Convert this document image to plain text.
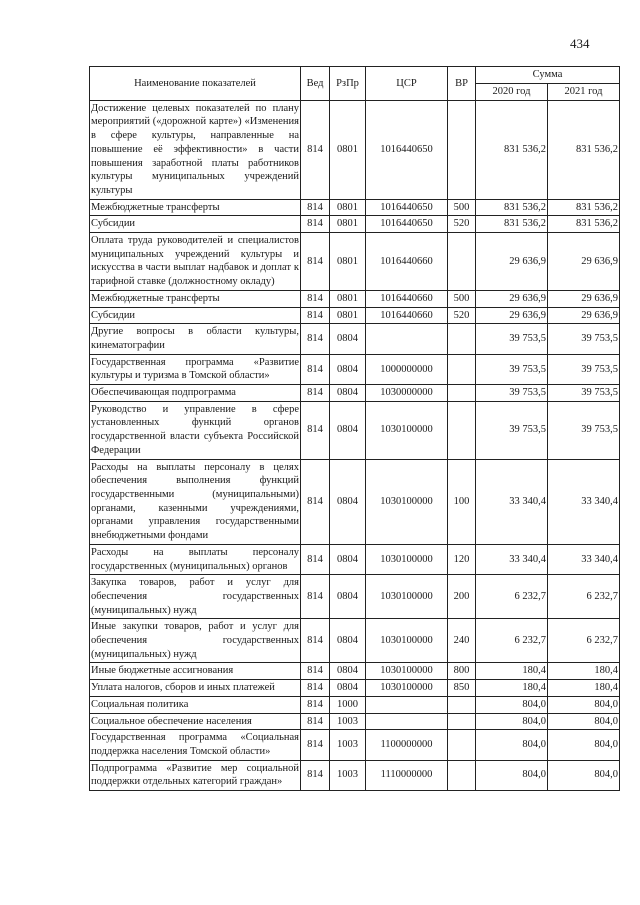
434
Наименование показателей	Вед	РзПр	ЦСР	ВР	Сумма	
					2020 год	2021 год
Достижение целевых показателей по плану мероприятий («дорожной карте») «Изменения в сфере культуры, направленные на повышение её эффективности» в части повышения заработной платы работников культуры муниципальных учреждений культуры	814	0801	1016440650		831 536,2	831 536,2
Межбюджетные трансферты	814	0801	1016440650	500	831 536,2	831 536,2
Субсидии	814	0801	1016440650	520	831 536,2	831 536,2
Оплата труда руководителей и специалистов муниципальных учреждений культуры и искусства в части выплат надбавок и доплат к тарифной ставке (должностному окладу)	814	0801	1016440660		29 636,9	29 636,9
Межбюджетные трансферты	814	0801	1016440660	500	29 636,9	29 636,9
Субсидии	814	0801	1016440660	520	29 636,9	29 636,9
Другие вопросы в области культуры, кинематографии	814	0804			39 753,5	39 753,5
Государственная программа «Развитие культуры и туризма в Томской области»	814	0804	1000000000		39 753,5	39 753,5
Обеспечивающая подпрограмма	814	0804	1030000000		39 753,5	39 753,5
Руководство и управление в сфере установленных функций органов государственной власти субъекта Российской Федерации	814	0804	1030100000		39 753,5	39 753,5
Расходы на выплаты персоналу в целях обеспечения выполнения функций государственными (муниципальными) органами, казенными учреждениями, органами управления государственными внебюджетными фондами	814	0804	1030100000	100	33 340,4	33 340,4
Расходы на выплаты персоналу государственных (муниципальных) органов	814	0804	1030100000	120	33 340,4	33 340,4
Закупка товаров, работ и услуг для обеспечения государственных (муниципальных) нужд	814	0804	1030100000	200	6 232,7	6 232,7
Иные закупки товаров, работ и услуг для обеспечения государственных (муниципальных) нужд	814	0804	1030100000	240	6 232,7	6 232,7
Иные бюджетные ассигнования	814	0804	1030100000	800	180,4	180,4
Уплата налогов, сборов и иных платежей	814	0804	1030100000	850	180,4	180,4
Социальная политика	814	1000			804,0	804,0
Социальное обеспечение населения	814	1003			804,0	804,0
Государственная программа «Социальная поддержка населения Томской области»	814	1003	1100000000		804,0	804,0
Подпрограмма «Развитие мер социальной поддержки отдельных категорий граждан»	814	1003	1110000000		804,0	804,0
